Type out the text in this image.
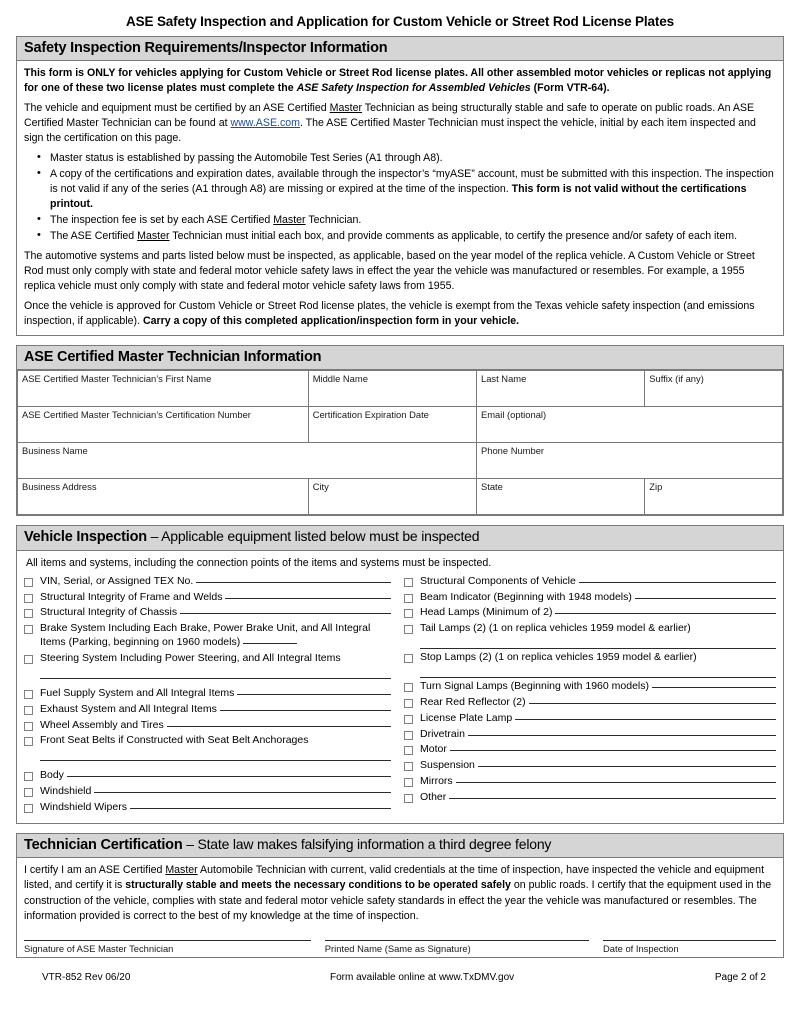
ASE Safety Inspection and Application for Custom Vehicle or Street Rod License Plates
Safety Inspection Requirements/Inspector Information

This form is ONLY for vehicles applying for Custom Vehicle or Street Rod license plates. All other assembled motor vehicles or replicas not applying for one of these two license plates must complete the ASE Safety Inspection for Assembled Vehicles (Form VTR-64).

The vehicle and equipment must be certified by an ASE Certified Master Technician as being structurally stable and safe to operate on public roads. An ASE Certified Master Technician can be found at www.ASE.com. The ASE Certified Master Technician must inspect the vehicle, initial by each item inspected and sign the certification on this page.

• Master status is established by passing the Automobile Test Series (A1 through A8).
• A copy of the certifications and expiration dates, available through the inspector’s “myASE” account, must be submitted with this inspection. The inspection is not valid if any of the series (A1 through A8) are missing or expired at the time of the inspection. This form is not valid without the certifications printout.
• The inspection fee is set by each ASE Certified Master Technician.
• The ASE Certified Master Technician must initial each box, and provide comments as applicable, to certify the presence and/or safety of each item.

The automotive systems and parts listed below must be inspected, as applicable, based on the year model of the replica vehicle. A Custom Vehicle or Street Rod must only comply with state and federal motor vehicle safety laws in effect the year the vehicle was manufactured or resembles. For example, a 1955 replica vehicle must only comply with state and federal motor vehicle safety laws from 1955.

Once the vehicle is approved for Custom Vehicle or Street Rod license plates, the vehicle is exempt from the Texas vehicle safety inspection (and emissions inspection, if applicable). Carry a copy of this completed application/inspection form in your vehicle.

ASE Certified Master Technician Information
ASE Certified Master Technician’s First Name	Middle Name	Last Name	Suffix (if any)
ASE Certified Master Technician’s Certification Number	Certification Expiration Date	Email (optional)	
Business Name		Phone Number	
Business Address	City	State	Zip
Vehicle Inspection – Applicable equipment listed below must be inspected
All items and systems, including the connection points of the items and systems must be inspected.
VIN, Serial, or Assigned TEX No.
Structural Integrity of Frame and Welds
Structural Integrity of Chassis
Brake System Including Each Brake, Power Brake Unit, and All Integral Items (Parking, beginning on 1960 models)
Steering System Including Power Steering, and All Integral Items
Fuel Supply System and All Integral Items
Exhaust System and All Integral Items
Wheel Assembly and Tires
Front Seat Belts if Constructed with Seat Belt Anchorages
Body
Windshield
Windshield Wipers
Structural Components of Vehicle
Beam Indicator (Beginning with 1948 models)
Head Lamps (Minimum of 2)
Tail Lamps (2) (1 on replica vehicles 1959 model & earlier)
Stop Lamps (2) (1 on replica vehicles 1959 model & earlier)
Turn Signal Lamps (Beginning with 1960 models)
Rear Red Reflector (2)
License Plate Lamp
Drivetrain
Motor
Suspension
Mirrors
Other
Technician Certification – State law makes falsifying information a third degree felony
I certify I am an ASE Certified Master Automobile Technician with current, valid credentials at the time of inspection, have inspected the vehicle and equipment listed, and certify it is structurally stable and meets the necessary conditions to be operated safely on public roads. I certify that the equipment used in the construction of the vehicle, complies with state and federal motor vehicle safety standards in effect the year the vehicle was manufactured or resembles. The information provided is correct to the best of my knowledge at the time of inspection.
Signature of ASE Master Technician	Printed Name (Same as Signature)	Date of Inspection
VTR-852 Rev 06/20	Form available online at www.TxDMV.gov	Page 2 of 2
